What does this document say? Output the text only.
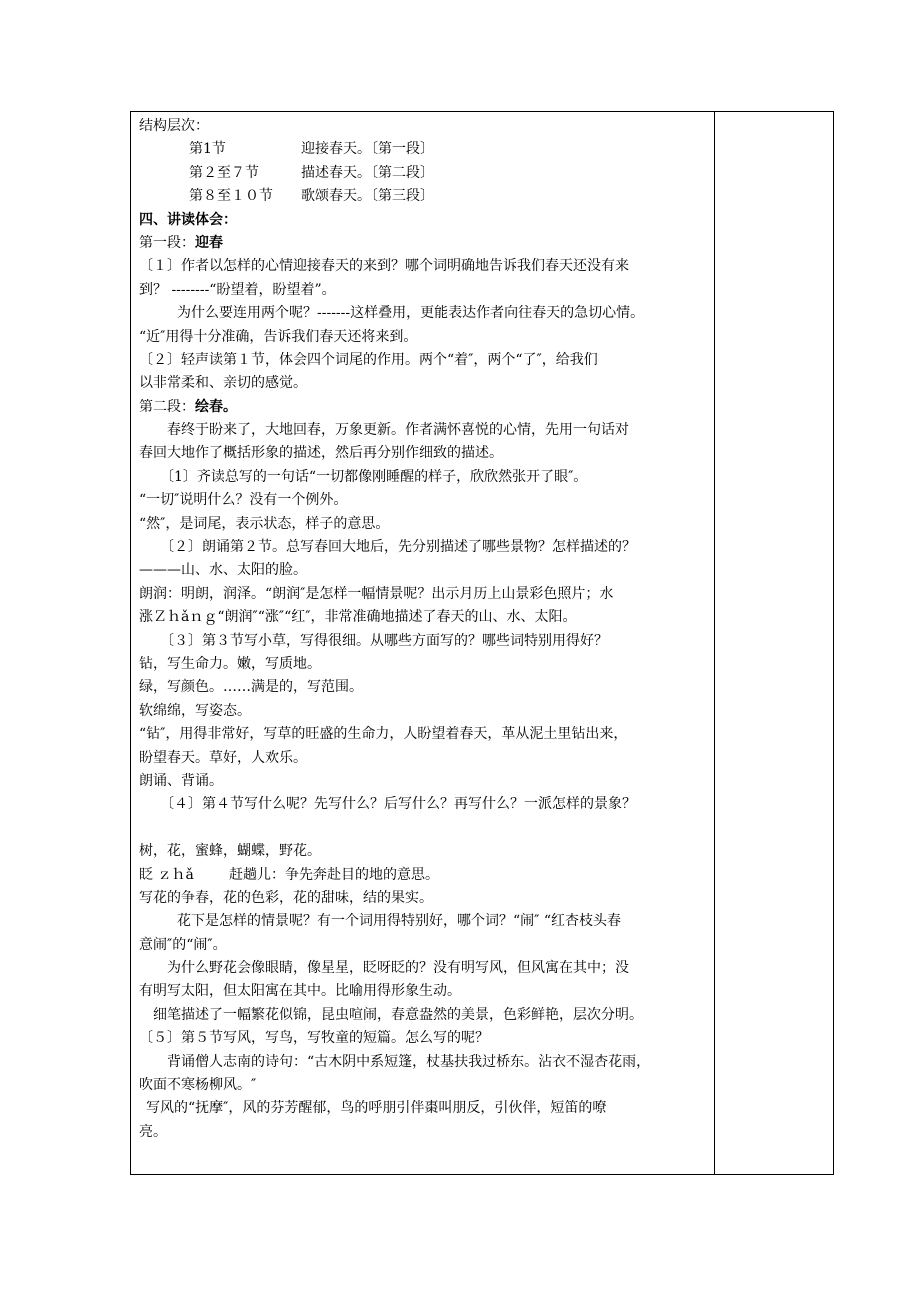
结构层次：
第1节	迎接春天。〔第一段〕
第２至７节	描述春天。〔第二段〕
第８至１０节 歌颂春天。〔第三段〕
四、讲读体会：
第一段：迎春
〔１〕作者以怎样的心情迎接春天的来到？哪个词明确地告诉我们春天还没有来
到？ --------“盼望着，盼望着”。
为什么要连用两个呢？-------这样叠用，更能表达作者向往春天的急切心情。
“近″用得十分准确，告诉我们春天还将来到。
〔２〕轻声读第１节，体会四个词尾的作用。两个“着″，两个“了″，给我们
以非常柔和、亲切的感觉。
第二段：绘春。
春终于盼来了，大地回春，万象更新。作者满怀喜悦的心情，先用一句话对
春回大地作了概括形象的描述，然后再分别作细致的描述。
〔1〕齐读总写的一句话“一切都像刚睡醒的样子，欣欣然张开了眼″。
“一切″说明什么？没有一个例外。
“然″，是词尾，表示状态，样子的意思。
〔２〕朗诵第２节。总写春回大地后，先分别描述了哪些景物？怎样描述的？
———山、水、太阳的脸。
朗润：明朗，润泽。“朗润″是怎样一幅情景呢？出示月历上山景彩色照片；水
涨Ｚｈǎｎｇ“朗润″“涨″“红″，非常准确地描述了春天的山、水、太阳。
〔３〕第３节写小草，写得很细。从哪些方面写的？哪些词特别用得好？
钻，写生命力。嫩，写质地。
绿，写颜色。……满是的，写范围。
软绵绵，写姿态。
“钻″，用得非常好，写草的旺盛的生命力，人盼望着春天，革从泥土里钻出来，
盼望春天。草好，人欢乐。
朗诵、背诵。
〔４〕第４节写什么呢？先写什么？后写什么？再写什么？一派怎样的景象？
树，花，蜜蜂，蝴蝶，野花。
眨 ｚｈǎ	赶趟儿：争先奔赴目的地的意思。
写花的争春，花的色彩，花的甜味，结的果实。
花下是怎样的情景呢？有一个词用得特别好，哪个词？“闹″ “红杏枝头春
意闹″的“闹″。
为什么野花会像眼睛，像星星，眨呀眨的？没有明写风，但风寓在其中；没
有明写太阳，但太阳寓在其中。比喻用得形象生动。
细笔描述了一幅繁花似锦，昆虫喧闹，春意盎然的美景，色彩鲜艳，层次分明。
〔５〕第５节写风，写鸟，写牧童的短篇。怎么写的呢？
背诵僧人志南的诗句：“古木阴中系短篷，杖基扶我过桥东。沾衣不湿杏花雨，
吹面不寒杨柳风。″
写风的“抚摩″，风的芬芳醒郁，鸟的呼朋引伴棗叫朋反，引伙伴，短笛的嘹
亮。
